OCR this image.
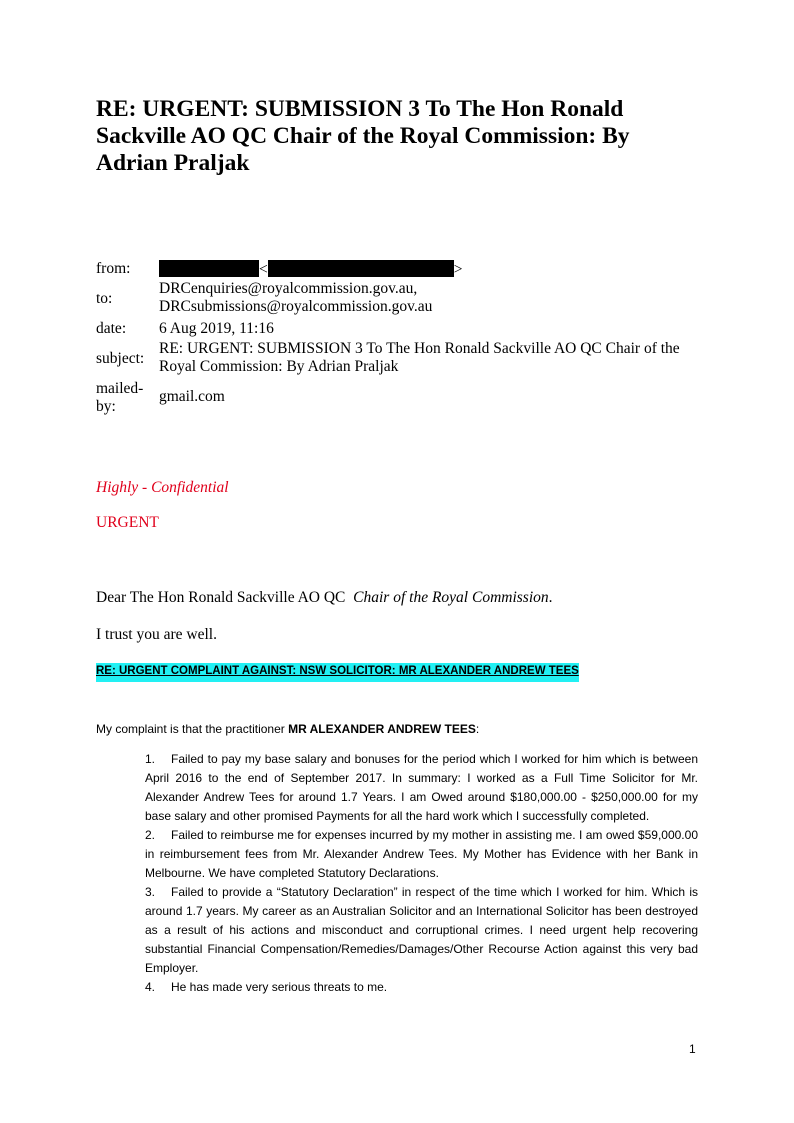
RE: URGENT: SUBMISSION 3 To The Hon Ronald Sackville AO QC Chair of the Royal Commission: By Adrian Praljak
from:	<	>
to:
DRCenquiries@royalcommission.gov.au,
DRCsubmissions@royalcommission.gov.au
date:	6 Aug 2019, 11:16
subject:
RE: URGENT: SUBMISSION 3 To The Hon Ronald Sackville AO QC Chair of the Royal Commission: By Adrian Praljak
mailed-
by:
gmail.com
Highly - Confidential
URGENT
Dear The Hon Ronald Sackville AO QC  Chair of the Royal Commission.
I trust you are well.
RE: URGENT COMPLAINT AGAINST: NSW SOLICITOR: MR ALEXANDER ANDREW TEES
My complaint is that the practitioner MR ALEXANDER ANDREW TEES:

1. Failed to pay my base salary and bonuses for the period which I worked for him which is between April 2016 to the end of September 2017. In summary: I worked as a Full Time Solicitor for Mr. Alexander Andrew Tees for around 1.7 Years. I am Owed around $180,000.00 - $250,000.00 for my base salary and other promised Payments for all the hard work which I successfully completed.

2. Failed to reimburse me for expenses incurred by my mother in assisting me. I am owed $59,000.00 in reimbursement fees from Mr. Alexander Andrew Tees. My Mother has Evidence with her Bank in Melbourne. We have completed Statutory Declarations.

3. Failed to provide a “Statutory Declaration” in respect of the time which I worked for him. Which is around 1.7 years. My career as an Australian Solicitor and an International Solicitor has been destroyed as a result of his actions and misconduct and corruptional crimes. I need urgent help recovering substantial Financial Compensation/Remedies/Damages/Other Recourse Action against this very bad Employer.

4. He has made very serious threats to me.

1
